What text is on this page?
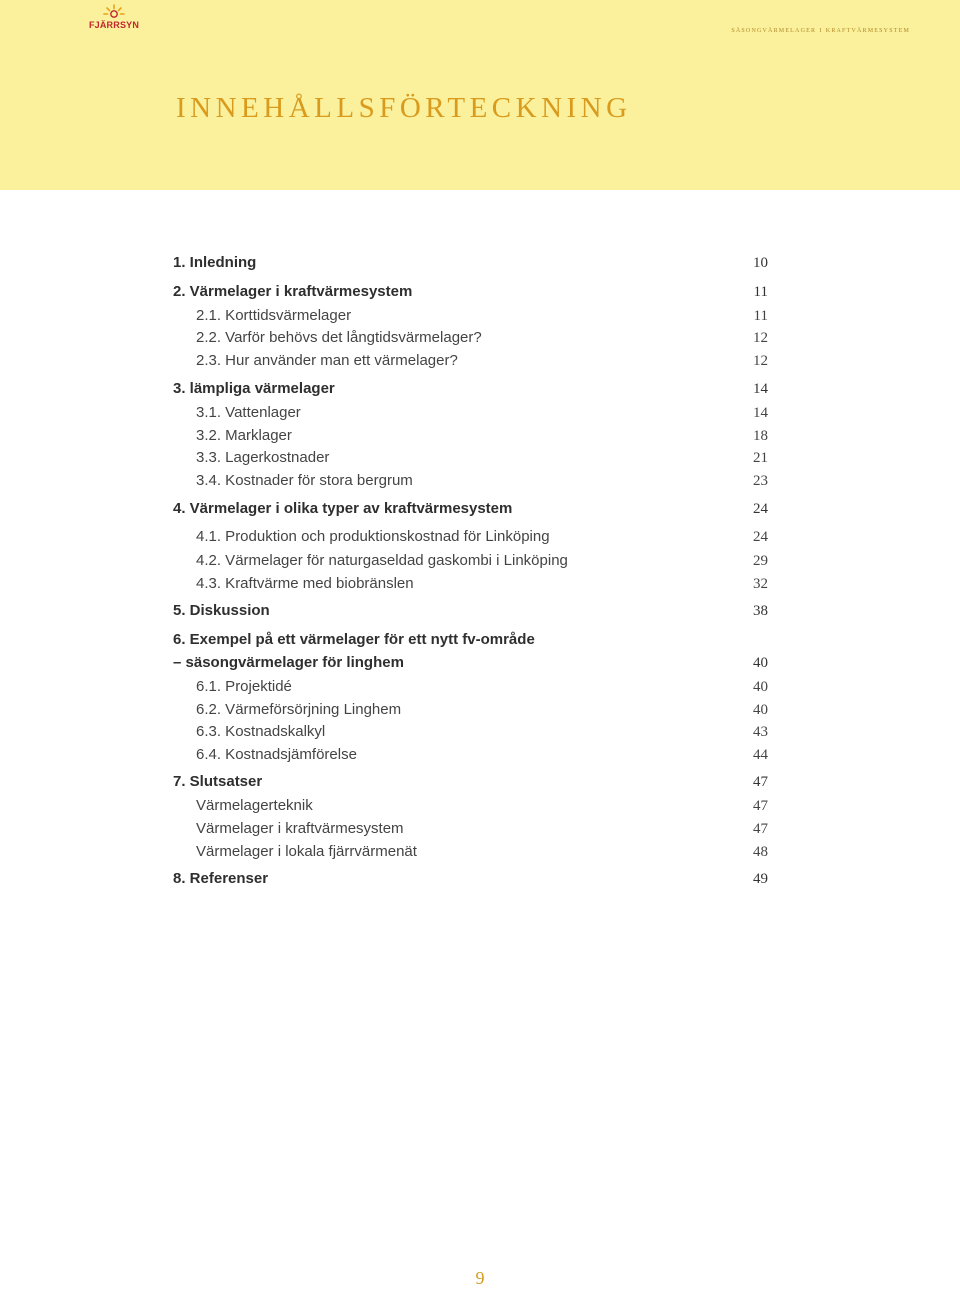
FJÄRRSYN	säsongvärmelager i kraftvärmesystem
INNEHÅLLSFÖRTECKNING
1. Inledning	10
2. Värmelager i kraftvärmesystem	11
2.1. Korttidsvärmelager	11
2.2. Varför behövs det långtidsvärmelager?	12
2.3. Hur använder man ett värmelager?	12
3. lämpliga värmelager	14
3.1. Vattenlager	14
3.2. Marklager	18
3.3. Lagerkostnader	21
3.4. Kostnader för stora bergrum	23
4. Värmelager i olika typer av kraftvärmesystem	24
4.1. Produktion och produktionskostnad för Linköping	24
4.2. Värmelager för naturgaseldad gaskombi i Linköping	29
4.3. Kraftvärme med biobränslen	32
5. Diskussion	38
6. Exempel på ett värmelager för ett nytt fv-område
– säsongvärmelager för linghem	40
6.1. Projektidé	40
6.2. Värmeförsörjning Linghem	40
6.3. Kostnadskalkyl	43
6.4. Kostnadsjämförelse	44
7. Slutsatser	47
Värmelagerteknik	47
Värmelager i kraftvärmesystem	47
Värmelager i lokala fjärrvärmenät	48
8. Referenser	49
9
